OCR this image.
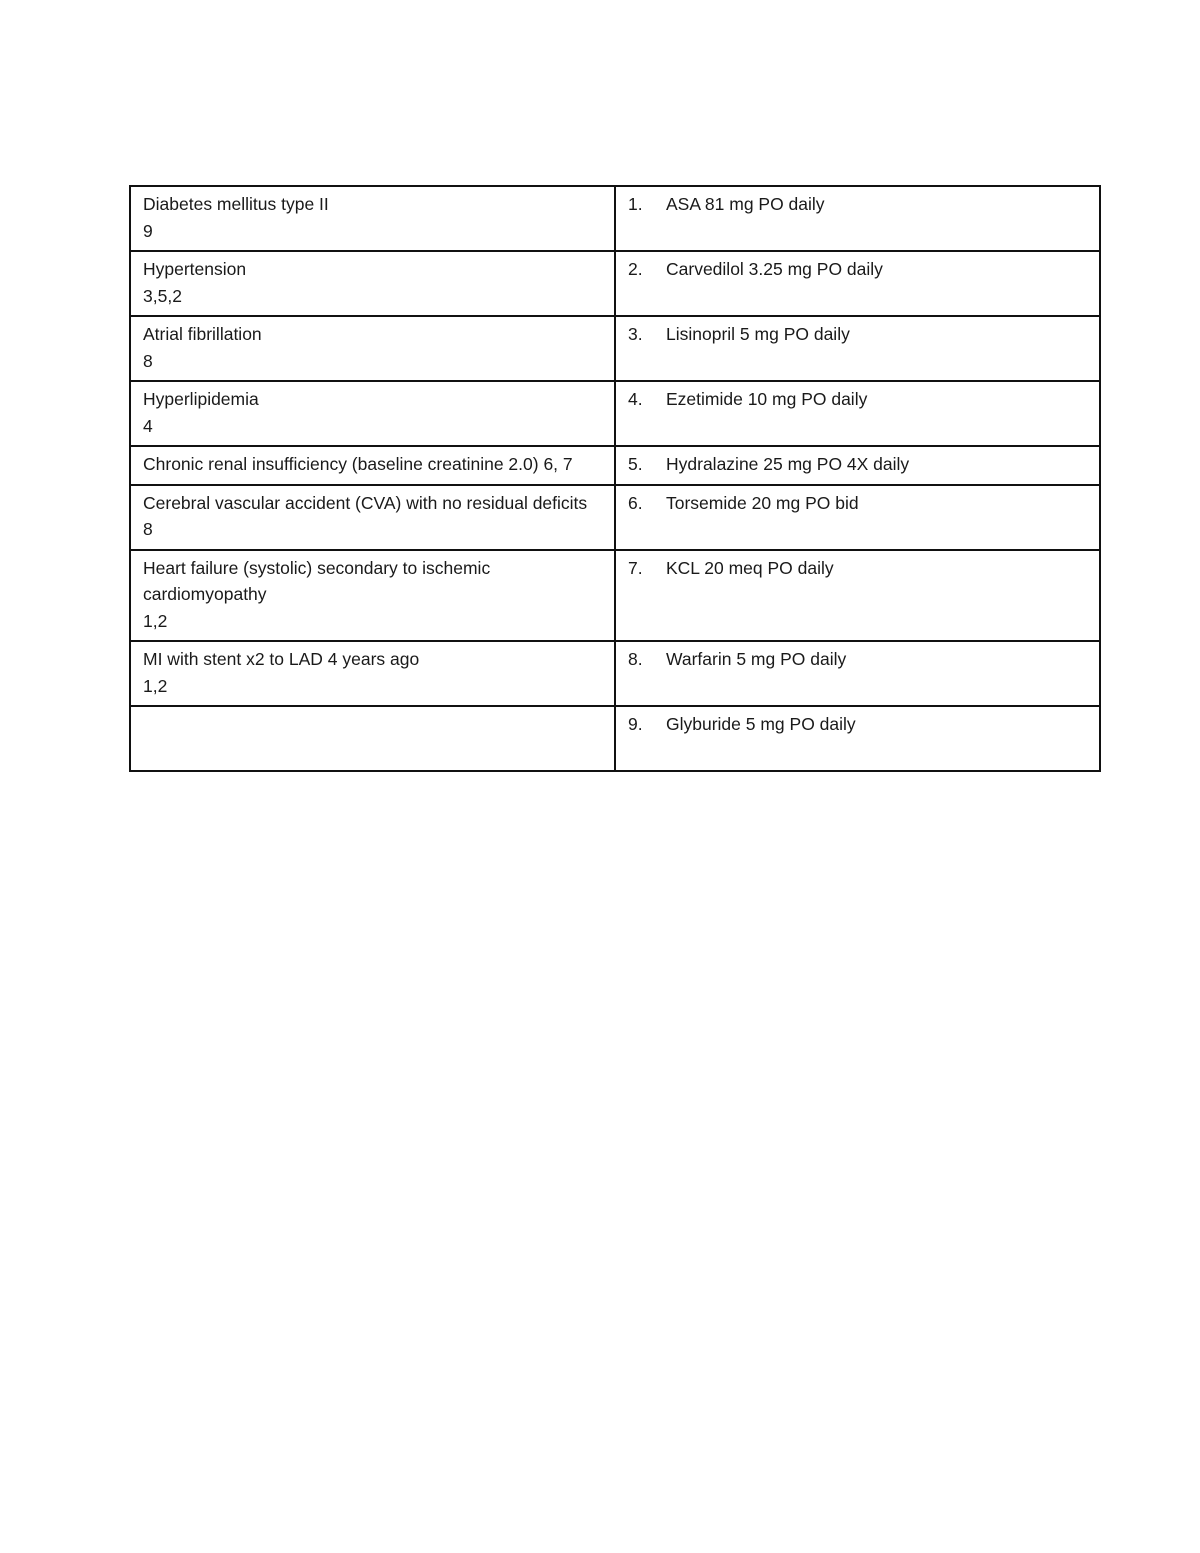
Diabetes mellitus type II
9	1. ASA 81 mg PO daily

Hypertension
3,5,2	2. Carvedilol 3.25 mg PO daily

Atrial fibrillation
8	3. Lisinopril 5 mg PO daily

Hyperlipidemia
4	4. Ezetimide 10 mg PO daily

Chronic renal insufficiency (baseline creatinine 2.0) 6, 7	5. Hydralazine 25 mg PO 4X daily

Cerebral vascular accident (CVA) with no residual deficits
8	6. Torsemide 20 mg PO bid

Heart failure (systolic) secondary to ischemic cardiomyopathy
1,2	7. KCL 20 meq PO daily

MI with stent x2 to LAD 4 years ago
1,2	8. Warfarin 5 mg PO daily

	9. Glyburide 5 mg PO daily
